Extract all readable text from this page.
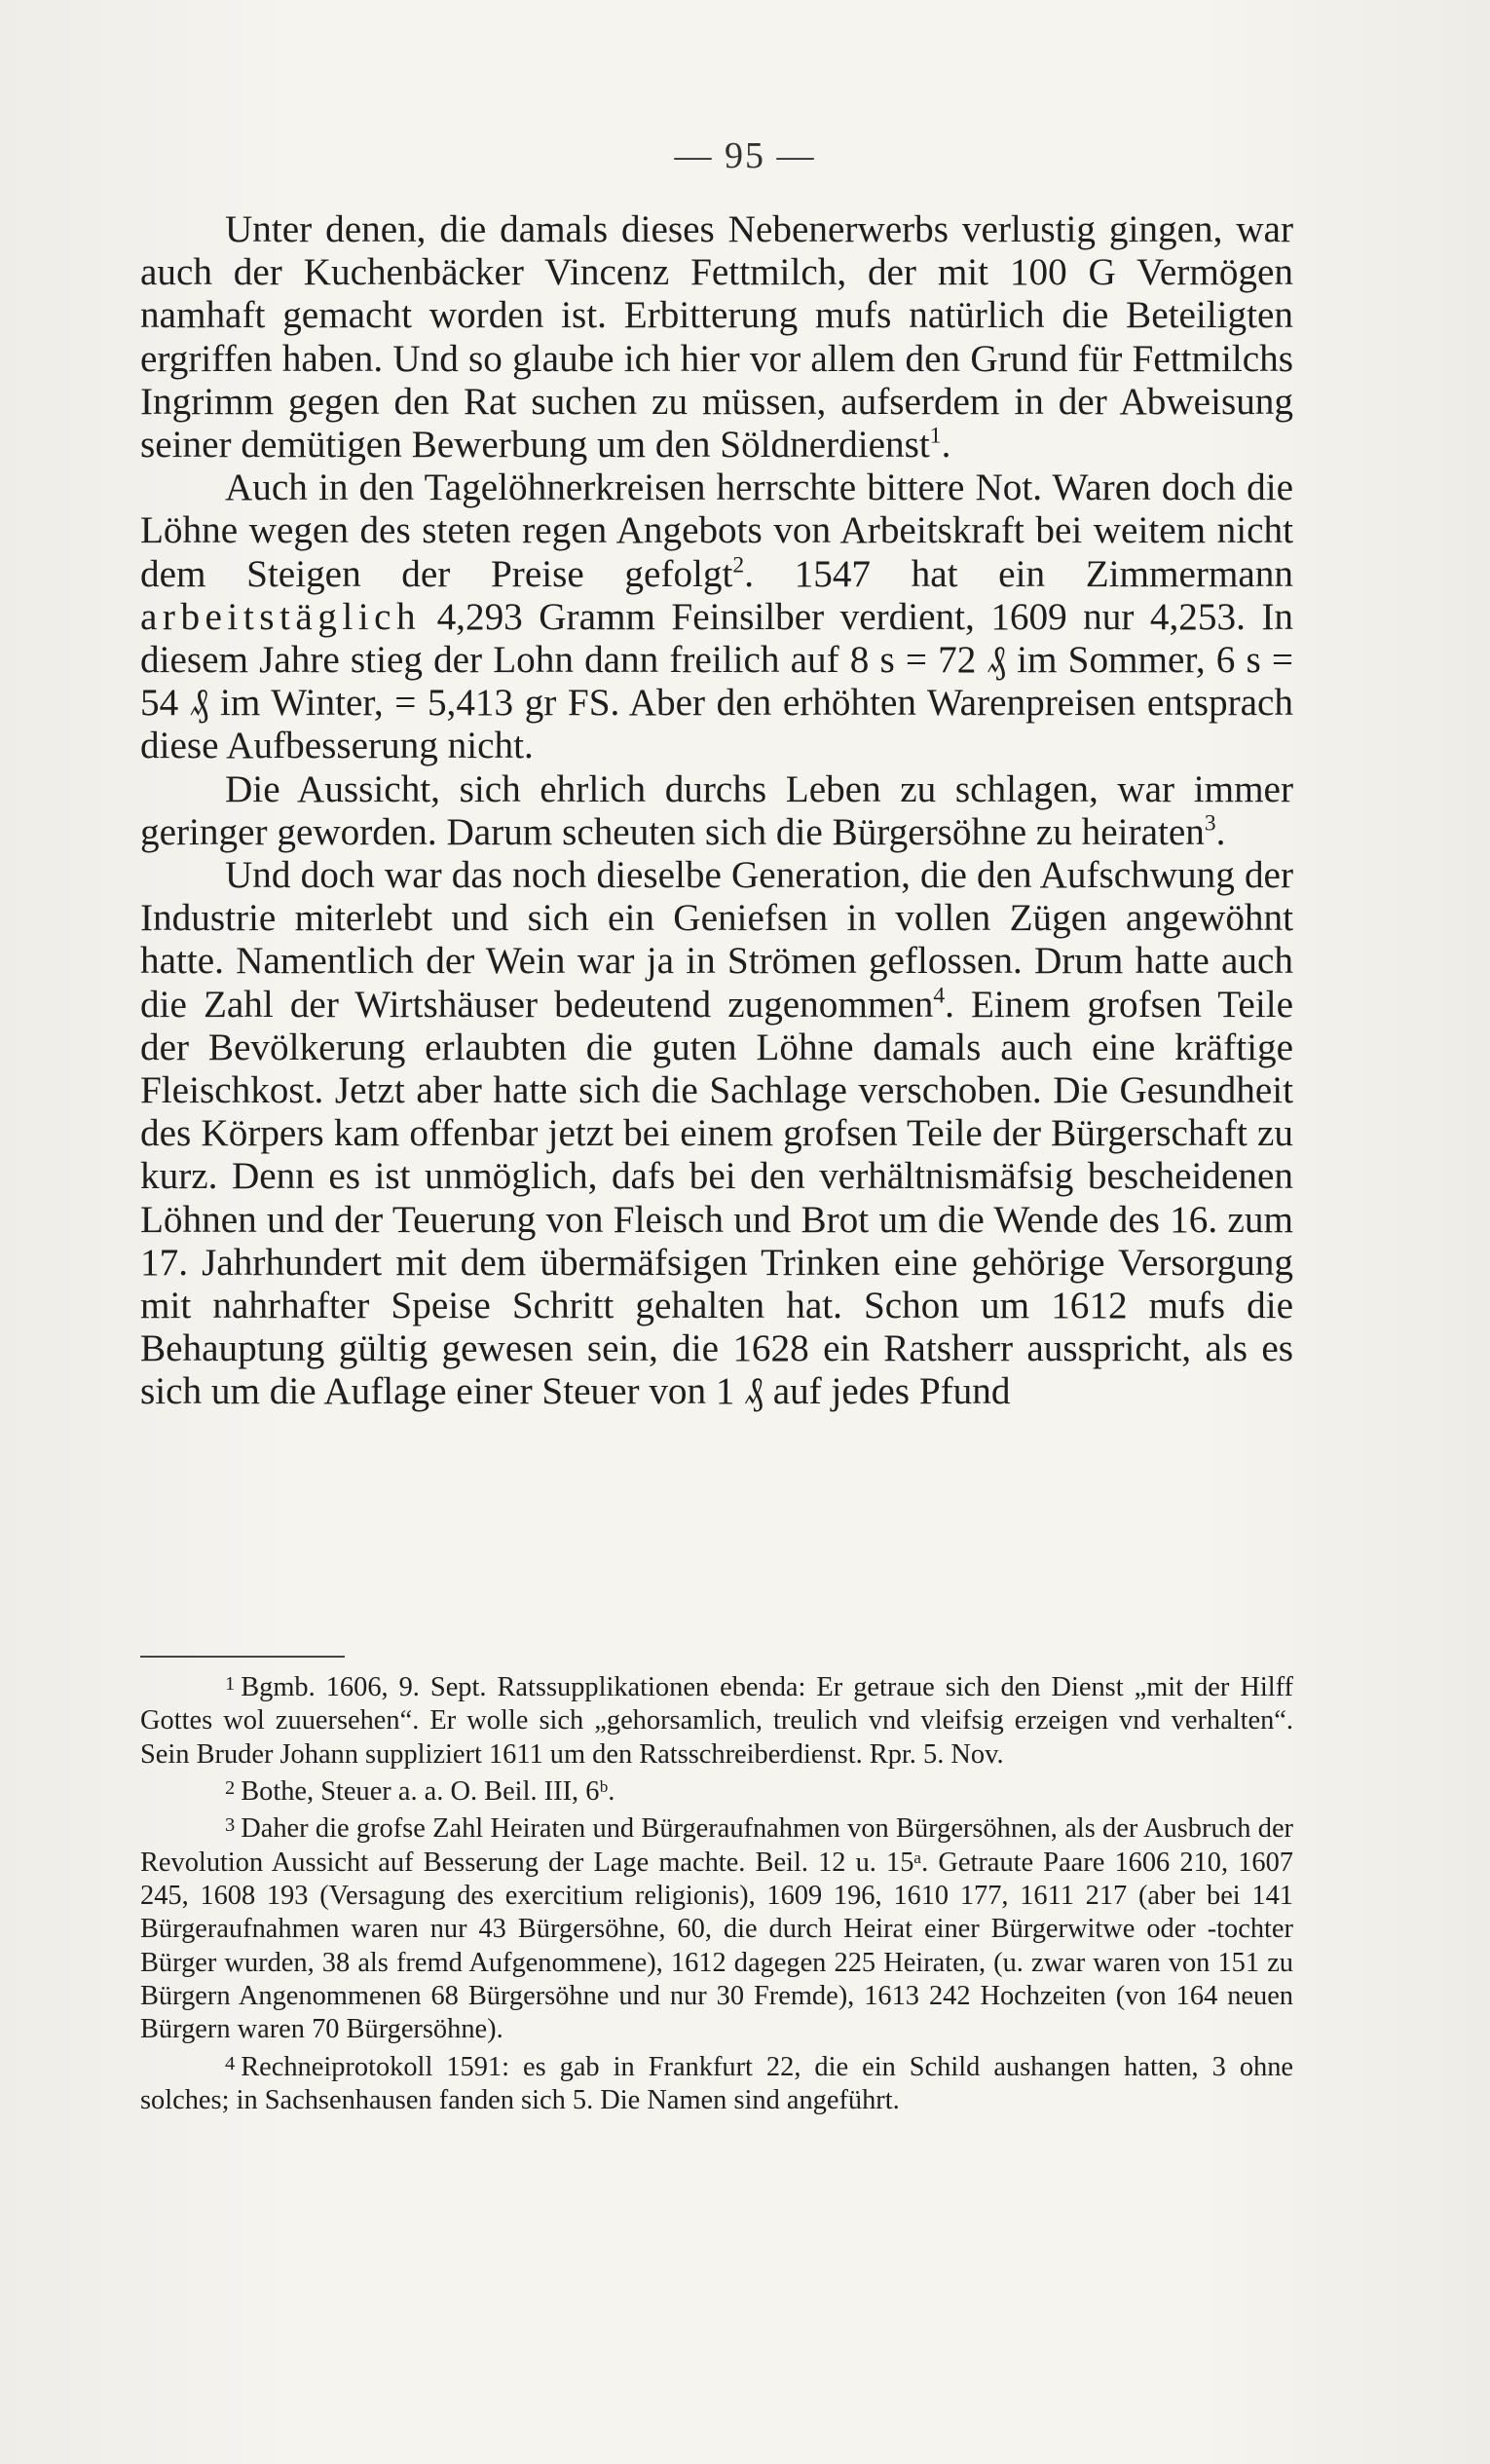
— 95 —

Unter denen, die damals dieses Nebenerwerbs verlustig gingen, war auch der Kuchenbäcker Vincenz Fettmilch, der mit 100 G Vermögen namhaft gemacht worden ist. Erbitterung mufs natürlich die Beteiligten ergriffen haben. Und so glaube ich hier vor allem den Grund für Fettmilchs Ingrimm gegen den Rat suchen zu müssen, aufserdem in der Abweisung seiner demütigen Bewerbung um den Söldnerdienst$^1$.

Auch in den Tagelöhnerkreisen herrschte bittere Not. Waren doch die Löhne wegen des steten regen Angebots von Arbeitskraft bei weitem nicht dem Steigen der Preise gefolgt$^2$. 1547 hat ein Zimmermann arbeitstäglich 4,293 Gramm Feinsilber verdient, 1609 nur 4,253. In diesem Jahre stieg der Lohn dann freilich auf 8 s = 72 ₰ im Sommer, 6 s = 54 ₰ im Winter, = 5,413 gr FS. Aber den erhöhten Warenpreisen entsprach diese Aufbesserung nicht.

Die Aussicht, sich ehrlich durchs Leben zu schlagen, war immer geringer geworden. Darum scheuten sich die Bürgersöhne zu heiraten$^3$.

Und doch war das noch dieselbe Generation, die den Aufschwung der Industrie miterlebt und sich ein Geniefsen in vollen Zügen angewöhnt hatte. Namentlich der Wein war ja in Strömen geflossen. Drum hatte auch die Zahl der Wirtshäuser bedeutend zugenommen$^4$. Einem grofsen Teile der Bevölkerung erlaubten die guten Löhne damals auch eine kräftige Fleischkost. Jetzt aber hatte sich die Sachlage verschoben. Die Gesundheit des Körpers kam offenbar jetzt bei einem grofsen Teile der Bürgerschaft zu kurz. Denn es ist unmöglich, dafs bei den verhältnismäfsig bescheidenen Löhnen und der Teuerung von Fleisch und Brot um die Wende des 16. zum 17. Jahrhundert mit dem übermäfsigen Trinken eine gehörige Versorgung mit nahrhafter Speise Schritt gehalten hat. Schon um 1612 mufs die Behauptung gültig gewesen sein, die 1628 ein Ratsherr ausspricht, als es sich um die Auflage einer Steuer von 1 ₰ auf jedes Pfund

$^1$ Bgmb. 1606, 9. Sept. Ratssupplikationen ebenda: Er getraue sich den Dienst „mit der Hilff Gottes wol zuuersehen“. Er wolle sich „gehorsamlich, treulich vnd vleifsig erzeigen vnd verhalten“. Sein Bruder Johann suppliziert 1611 um den Ratsschreiberdienst. Rpr. 5. Nov.

$^2$ Bothe, Steuer a. a. O. Beil. III, 6ᵇ.

$^3$ Daher die grofse Zahl Heiraten und Bürgeraufnahmen von Bürgersöhnen, als der Ausbruch der Revolution Aussicht auf Besserung der Lage machte. Beil. 12 u. 15ᵃ. Getraute Paare 1606 210, 1607 245, 1608 193 (Versagung des exercitium religionis), 1609 196, 1610 177, 1611 217 (aber bei 141 Bürgeraufnahmen waren nur 43 Bürgersöhne, 60, die durch Heirat einer Bürgerwitwe oder -tochter Bürger wurden, 38 als fremd Aufgenommene), 1612 dagegen 225 Heiraten, (u. zwar waren von 151 zu Bürgern Angenommenen 68 Bürgersöhne und nur 30 Fremde), 1613 242 Hochzeiten (von 164 neuen Bürgern waren 70 Bürgersöhne).

$^4$ Rechneiprotokoll 1591: es gab in Frankfurt 22, die ein Schild aushangen hatten, 3 ohne solches; in Sachsenhausen fanden sich 5. Die Namen sind angeführt.
